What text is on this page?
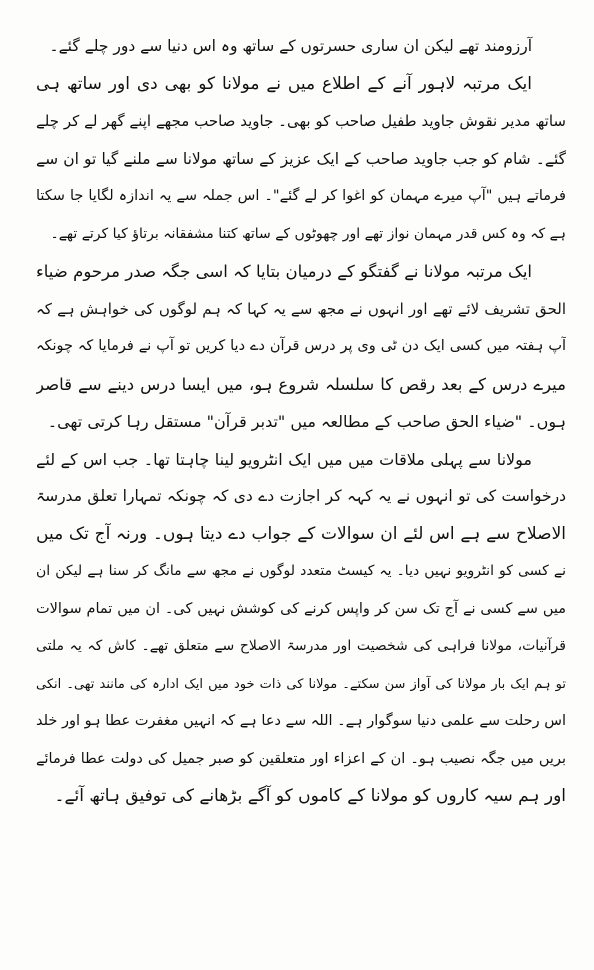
آرزومند تھے لیکن ان ساری حسرتوں کے ساتھ وہ اس دنیا سے دور چلے گئے۔
ایک مرتبہ لاہور آنے کے اطلاع میں نے مولانا کو بھی دی اور ساتھ ہی
ساتھ مدیر نقوش جاوید طفیل صاحب کو بھی۔ جاوید صاحب مجھے اپنے گھر لے کر چلے
گئے۔ شام کو جب جاوید صاحب کے ایک عزیز کے ساتھ مولانا سے ملنے گیا تو ان سے
فرماتے ہیں "آپ میرے مہمان کو اغوا کر لے گئے"۔ اس جملہ سے یہ اندازہ لگایا جا سکتا
ہے کہ وہ کس قدر مہمان نواز تھے اور چھوٹوں کے ساتھ کتنا مشفقانہ برتاؤ کیا کرتے تھے۔
ایک مرتبہ مولانا نے گفتگو کے درمیان بتایا کہ اسی جگہ صدر مرحوم ضیاء
الحق تشریف لائے تھے اور انہوں نے مجھ سے یہ کہا کہ ہم لوگوں کی خواہش ہے کہ
آپ ہفتہ میں کسی ایک دن ٹی وی پر درس قرآن دے دیا کریں تو آپ نے فرمایا کہ چونکہ
میرے درس کے بعد رقص کا سلسلہ شروع ہو، میں ایسا درس دینے سے قاصر
ہوں۔ "ضیاء الحق صاحب کے مطالعہ میں "تدبر قرآن" مستقل رہا کرتی تھی۔
مولانا سے پہلی ملاقات میں میں ایک انٹرویو لینا چاہتا تھا۔ جب اس کے لئے
درخواست کی تو انہوں نے یہ کہہ کر اجازت دے دی کہ چونکہ تمہارا تعلق مدرسۃ
الاصلاح سے ہے اس لئے ان سوالات کے جواب دے دیتا ہوں۔ ورنہ آج تک میں
نے کسی کو انٹرویو نہیں دیا۔ یہ کیسٹ متعدد لوگوں نے مجھ سے مانگ کر سنا ہے لیکن ان
میں سے کسی نے آج تک سن کر واپس کرنے کی کوشش نہیں کی۔ ان میں تمام سوالات
قرآنیات، مولانا فراہی کی شخصیت اور مدرسۃ الاصلاح سے متعلق تھے۔ کاش کہ یہ ملتی
تو ہم ایک بار مولانا کی آواز سن سکتے۔ مولانا کی ذات خود میں ایک ادارہ کی مانند تھی۔ انکی
اس رحلت سے علمی دنیا سوگوار ہے۔ اللہ سے دعا ہے کہ انہیں مغفرت عطا ہو اور خلد
بریں میں جگہ نصیب ہو۔ ان کے اعزاء اور متعلقین کو صبر جمیل کی دولت عطا فرمائے
اور ہم سیہ کاروں کو مولانا کے کاموں کو آگے بڑھانے کی توفیق ہاتھ آئے۔
